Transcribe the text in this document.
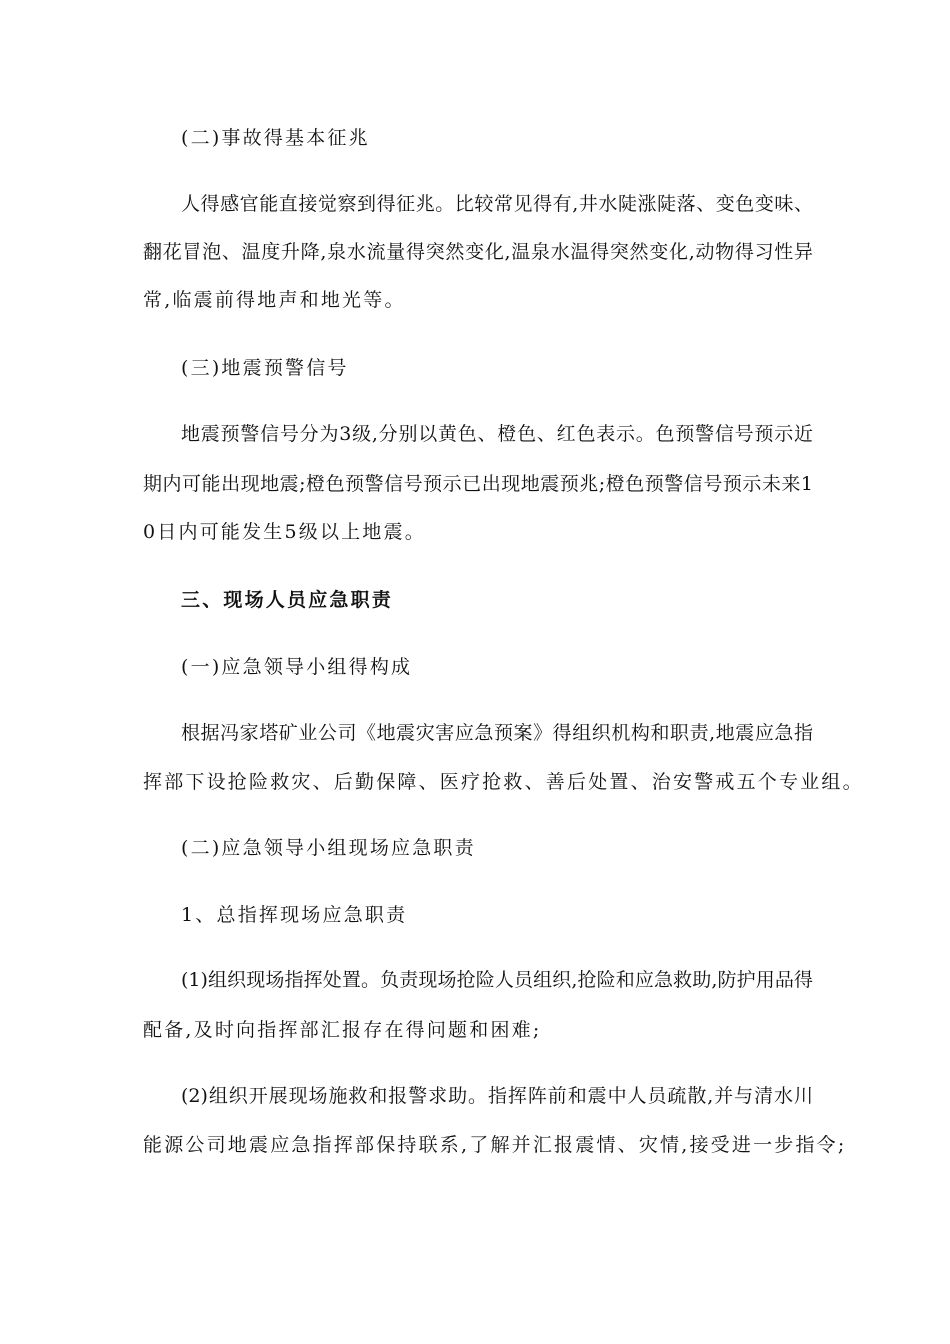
(二)事故得基本征兆
人得感官能直接觉察到得征兆。比较常见得有,井水陡涨陡落、变色变味、
翻花冒泡、温度升降,泉水流量得突然变化,温泉水温得突然变化,动物得习性异
常,临震前得地声和地光等。
(三)地震预警信号
地震预警信号分为3级,分别以黄色、橙色、红色表示。色预警信号预示近
期内可能出现地震;橙色预警信号预示已出现地震预兆;橙色预警信号预示未来1
0日内可能发生5级以上地震。
三、现场人员应急职责
(一)应急领导小组得构成
根据冯家塔矿业公司《地震灾害应急预案》得组织机构和职责,地震应急指
挥部下设抢险救灾、后勤保障、医疗抢救、善后处置、治安警戒五个专业组。
(二)应急领导小组现场应急职责
1、总指挥现场应急职责
(1)组织现场指挥处置。负责现场抢险人员组织,抢险和应急救助,防护用品得
配备,及时向指挥部汇报存在得问题和困难;
(2)组织开展现场施救和报警求助。指挥阵前和震中人员疏散,并与清水川
能源公司地震应急指挥部保持联系,了解并汇报震情、灾情,接受进一步指令;
